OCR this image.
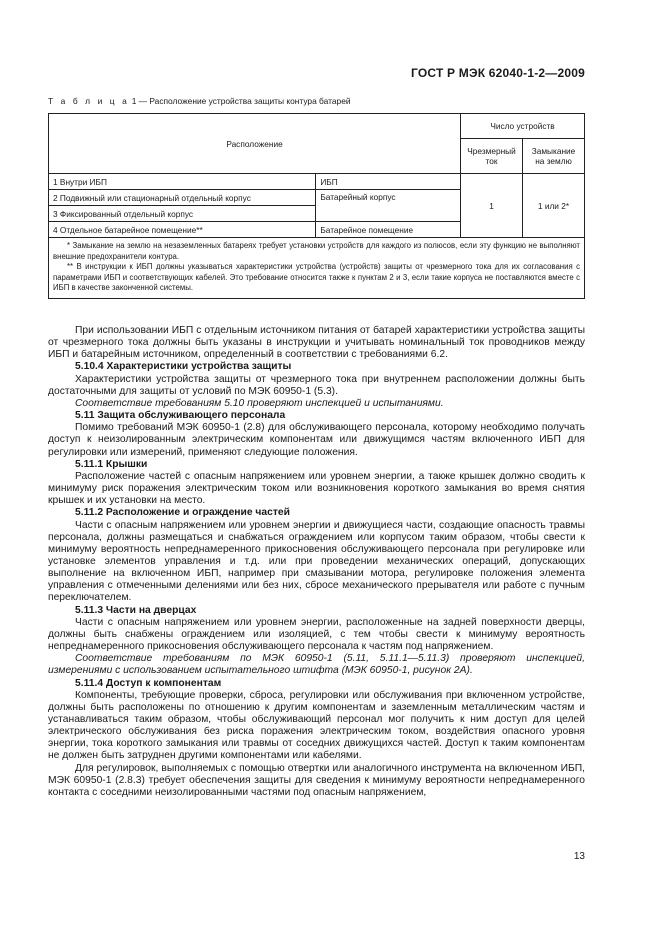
ГОСТ Р МЭК 62040-1-2—2009
Т а б л и ц а 1 — Расположение устройства защиты контура батарей
Расположение		Число устройств	
		Чрезмерный ток	Замыкание на землю
1 Внутри ИБП	ИБП	1	1 или 2*
2 Подвижный или стационарный отдельный корпус	Батарейный корпус		
3 Фиксированный отдельный корпус			
4 Отдельное батарейное помещение**	Батарейное помещение		

* Замыкание на землю на незаземленных батареях требует установки устройств для каждого из полюсов, если эту функцию не выполняют внешние предохранители контура.

** В инструкции к ИБП должны указываться характеристики устройства (устройств) защиты от чрезмерного тока для их согласования с параметрами ИБП и соответствующих кабелей. Это требование относится также к пунктам 2 и 3, если такие корпуса не поставляются вместе с ИБП в качестве законченной системы.			

При использовании ИБП с отдельным источником питания от батарей характеристики устройства защиты от чрезмерного тока должны быть указаны в инструкции и учитывать номинальный ток проводников между ИБП и батарейным источником, определенный в соответствии с требованиями 6.2.

5.10.4 Характеристики устройства защиты

Характеристики устройства защиты от чрезмерного тока при внутреннем расположении должны быть достаточными для защиты от условий по МЭК 60950-1 (5.3).

Соответствие требованиям 5.10 проверяют инспекцией и испытаниями.

5.11 Защита обслуживающего персонала

Помимо требований МЭК 60950-1 (2.8) для обслуживающего персонала, которому необходимо получать доступ к неизолированным электрическим компонентам или движущимся частям включенного ИБП для регулировки или измерений, применяют следующие положения.

5.11.1 Крышки

Расположение частей с опасным напряжением или уровнем энергии, а также крышек должно сводить к минимуму риск поражения электрическим током или возникновения короткого замыкания во время снятия крышек и их установки на место.

5.11.2 Расположение и ограждение частей

Части с опасным напряжением или уровнем энергии и движущиеся части, создающие опасность травмы персонала, должны размещаться и снабжаться ограждением или корпусом таким образом, чтобы свести к минимуму вероятность непреднамеренного прикосновения обслуживающего персонала при регулировке или установке элементов управления и т.д. или при проведении механических операций, допускающих выполнение на включенном ИБП, например при смазывании мотора, регулировке положения элемента управления с отмеченными делениями или без них, сбросе механического прерывателя или работе с пучным переключателем.

5.11.3 Части на дверцах

Части с опасным напряжением или уровнем энергии, расположенные на задней поверхности дверцы, должны быть снабжены ограждением или изоляцией, с тем чтобы свести к минимуму вероятность непреднамеренного прикосновения обслуживающего персонала к частям под напряжением.

Соответствие требованиям по МЭК 60950-1 (5.11, 5.11.1—5.11.3) проверяют инспекцией, измерениями с использованием испытательного штифта (МЭК 60950-1, рисунок 2А).

5.11.4 Доступ к компонентам

Компоненты, требующие проверки, сброса, регулировки или обслуживания при включенном устройстве, должны быть расположены по отношению к другим компонентам и заземленным металлическим частям и устанавливаться таким образом, чтобы обслуживающий персонал мог получить к ним доступ для целей электрического обслуживания без риска поражения электрическим током, воздействия опасного уровня энергии, тока короткого замыкания или травмы от соседних движущихся частей. Доступ к таким компонентам не должен быть затруднен другими компонентами или кабелями.

Для регулировок, выполняемых с помощью отвертки или аналогичного инструмента на включенном ИБП, МЭК 60950-1 (2.8.3) требует обеспечения защиты для сведения к минимуму вероятности непреднамеренного контакта с соседними неизолированными частями под опасным напряжением,

13
